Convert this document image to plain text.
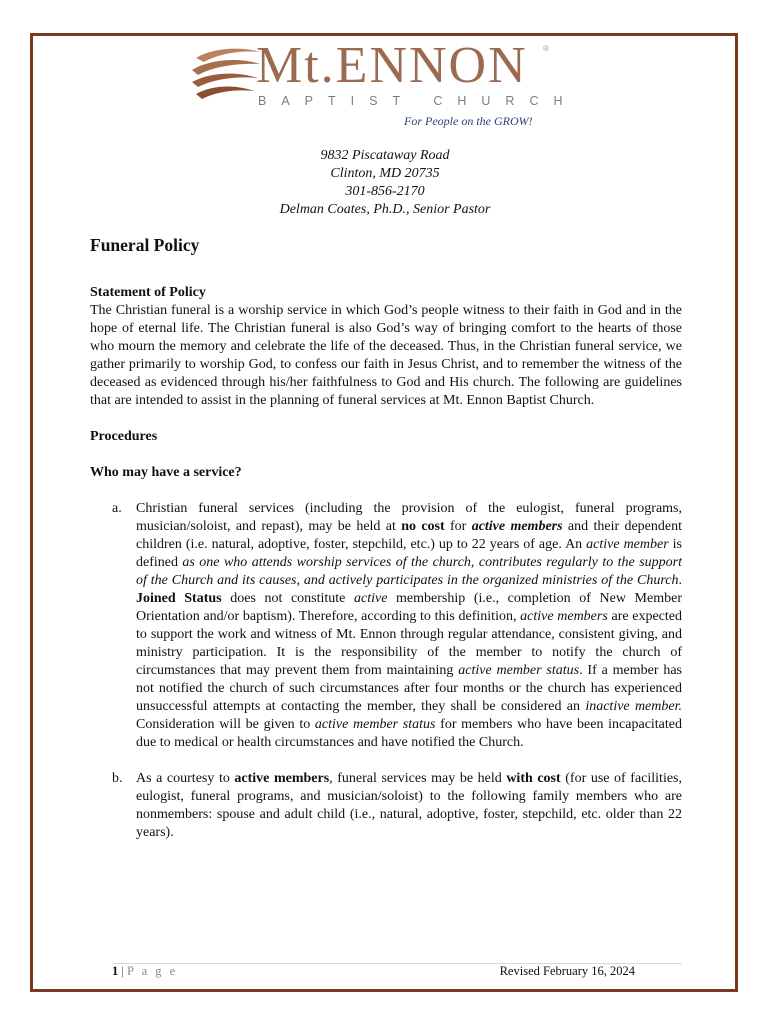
Mt.ENNON ®
BAPTIST CHURCH
For People on the GROW!
9832 Piscataway Road
Clinton, MD 20735
301-856-2170
Delman Coates, Ph.D., Senior Pastor
Funeral Policy
Statement of Policy

The Christian funeral is a worship service in which God’s people witness to their faith in God and in the hope of eternal life. The Christian funeral is also God’s way of bringing comfort to the hearts of those who mourn the memory and celebrate the life of the deceased. Thus, in the Christian funeral service, we gather primarily to worship God, to confess our faith in Jesus Christ, and to remember the witness of the deceased as evidenced through his/her faithfulness to God and His church. The following are guidelines that are intended to assist in the planning of funeral services at Mt. Ennon Baptist Church.

Procedures
Who may have a service?
a. Christian funeral services (including the provision of the eulogist, funeral programs, musician/soloist, and repast), may be held at no cost for active members and their dependent children (i.e. natural, adoptive, foster, stepchild, etc.) up to 22 years of age. An active member is defined as one who attends worship services of the church, contributes regularly to the support of the Church and its causes, and actively participates in the organized ministries of the Church. Joined Status does not constitute active membership (i.e., completion of New Member Orientation and/or baptism). Therefore, according to this definition, active members are expected to support the work and witness of Mt. Ennon through regular attendance, consistent giving, and ministry participation. It is the responsibility of the member to notify the church of circumstances that may prevent them from maintaining active member status. If a member has not notified the church of such circumstances after four months or the church has experienced unsuccessful attempts at contacting the member, they shall be considered an inactive member. Consideration will be given to active member status for members who have been incapacitated due to medical or health circumstances and have notified the Church.
b. As a courtesy to active members, funeral services may be held with cost (for use of facilities, eulogist, funeral programs, and musician/soloist) to the following family members who are nonmembers: spouse and adult child (i.e., natural, adoptive, foster, stepchild, etc. older than 22 years).
1 | P a g e	Revised February 16, 2024
